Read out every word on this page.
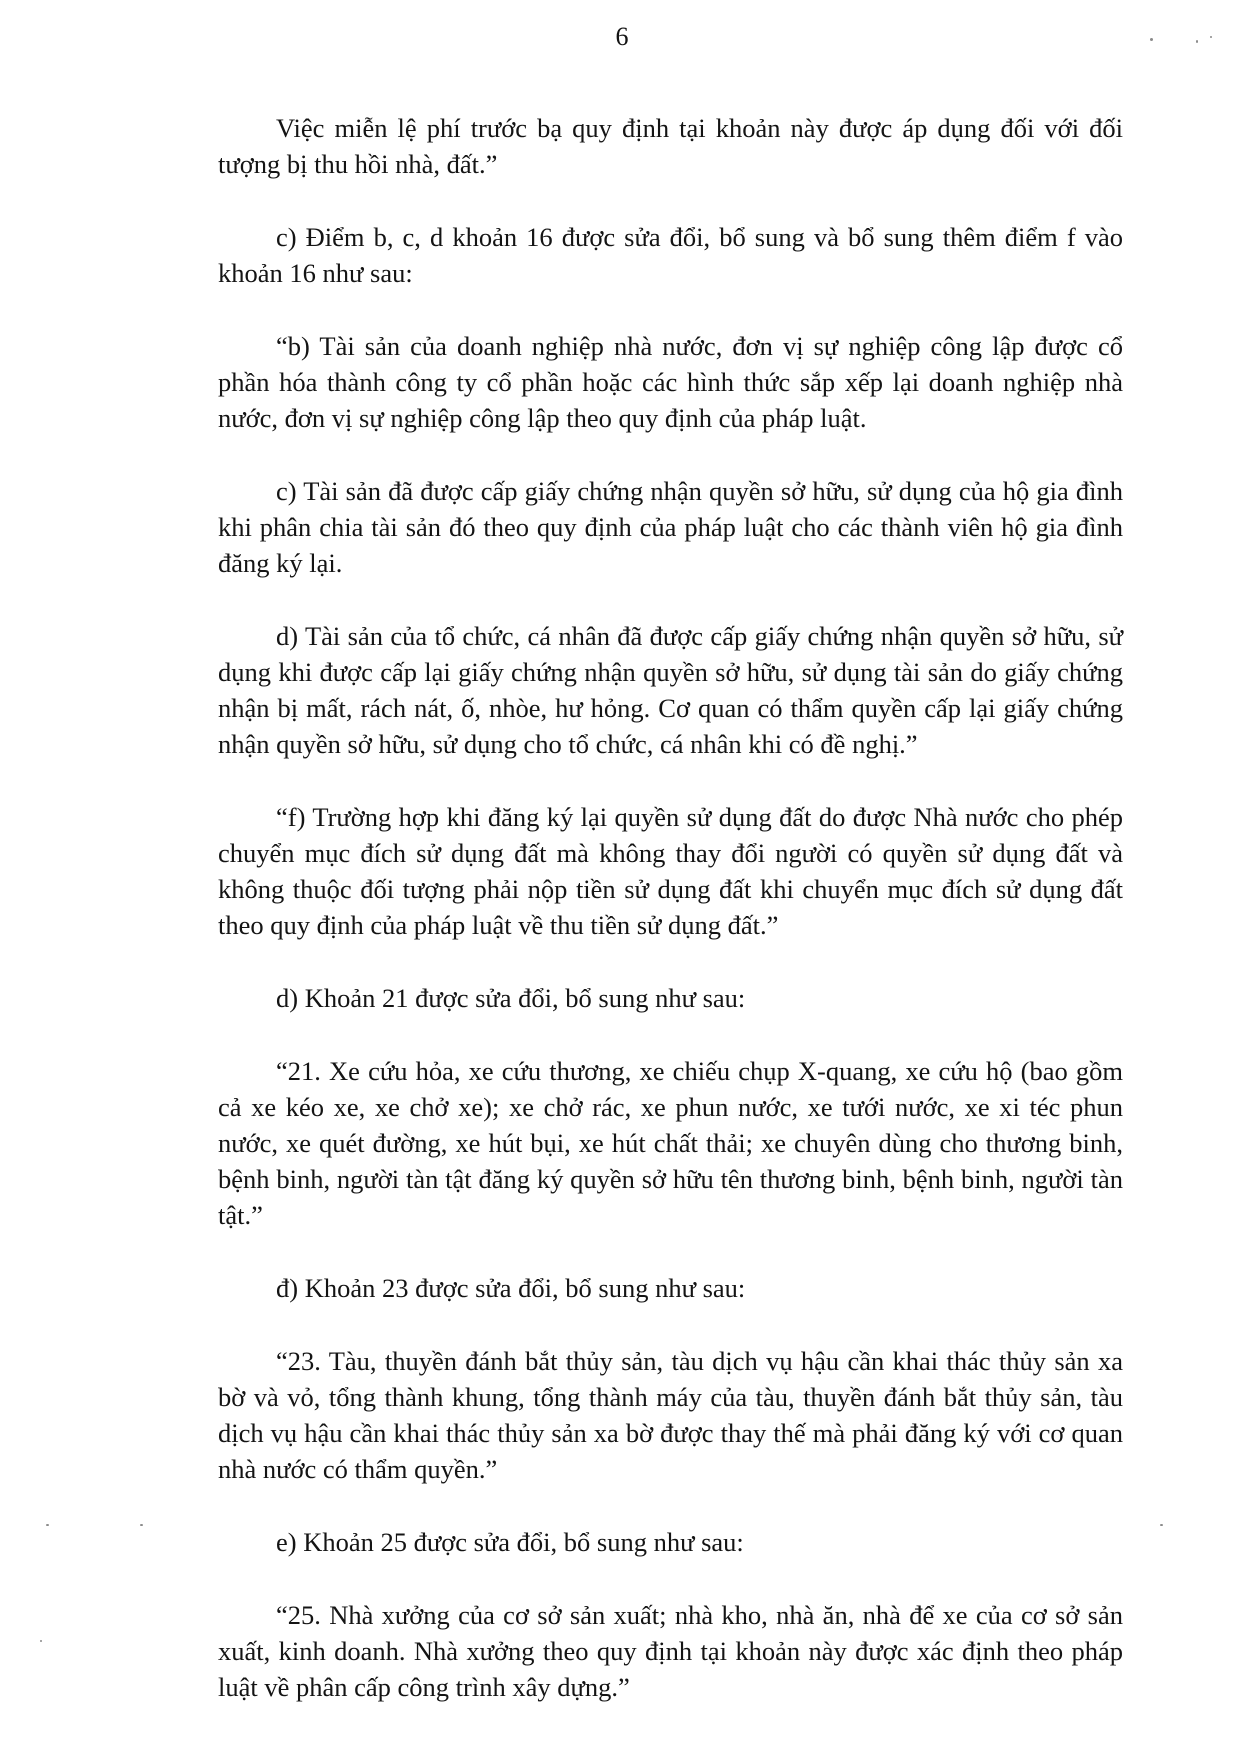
6

Việc miễn lệ phí trước bạ quy định tại khoản này được áp dụng đối với đối tượng bị thu hồi nhà, đất.”

c) Điểm b, c, d khoản 16 được sửa đổi, bổ sung và bổ sung thêm điểm f vào khoản 16 như sau:

“b) Tài sản của doanh nghiệp nhà nước, đơn vị sự nghiệp công lập được cổ phần hóa thành công ty cổ phần hoặc các hình thức sắp xếp lại doanh nghiệp nhà nước, đơn vị sự nghiệp công lập theo quy định của pháp luật.

c) Tài sản đã được cấp giấy chứng nhận quyền sở hữu, sử dụng của hộ gia đình khi phân chia tài sản đó theo quy định của pháp luật cho các thành viên hộ gia đình đăng ký lại.

d) Tài sản của tổ chức, cá nhân đã được cấp giấy chứng nhận quyền sở hữu, sử dụng khi được cấp lại giấy chứng nhận quyền sở hữu, sử dụng tài sản do giấy chứng nhận bị mất, rách nát, ố, nhòe, hư hỏng. Cơ quan có thẩm quyền cấp lại giấy chứng nhận quyền sở hữu, sử dụng cho tổ chức, cá nhân khi có đề nghị.”

“f) Trường hợp khi đăng ký lại quyền sử dụng đất do được Nhà nước cho phép chuyển mục đích sử dụng đất mà không thay đổi người có quyền sử dụng đất và không thuộc đối tượng phải nộp tiền sử dụng đất khi chuyển mục đích sử dụng đất theo quy định của pháp luật về thu tiền sử dụng đất.”

d) Khoản 21 được sửa đổi, bổ sung như sau:

“21. Xe cứu hỏa, xe cứu thương, xe chiếu chụp X-quang, xe cứu hộ (bao gồm cả xe kéo xe, xe chở xe); xe chở rác, xe phun nước, xe tưới nước, xe xi téc phun nước, xe quét đường, xe hút bụi, xe hút chất thải; xe chuyên dùng cho thương binh, bệnh binh, người tàn tật đăng ký quyền sở hữu tên thương binh, bệnh binh, người tàn tật.”

đ) Khoản 23 được sửa đổi, bổ sung như sau:

“23. Tàu, thuyền đánh bắt thủy sản, tàu dịch vụ hậu cần khai thác thủy sản xa bờ và vỏ, tổng thành khung, tổng thành máy của tàu, thuyền đánh bắt thủy sản, tàu dịch vụ hậu cần khai thác thủy sản xa bờ được thay thế mà phải đăng ký với cơ quan nhà nước có thẩm quyền.”

e) Khoản 25 được sửa đổi, bổ sung như sau:

“25. Nhà xưởng của cơ sở sản xuất; nhà kho, nhà ăn, nhà để xe của cơ sở sản xuất, kinh doanh. Nhà xưởng theo quy định tại khoản này được xác định theo pháp luật về phân cấp công trình xây dựng.”
